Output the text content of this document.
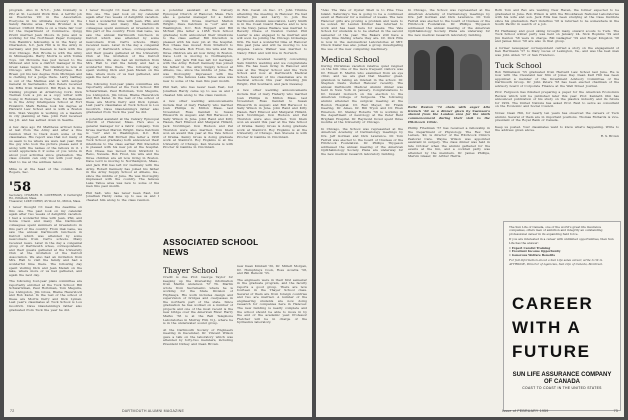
program. Also in N.Y.C., John Donnelly is PIU at St. Leonard Work Mon. A terrific job as Executive V.P. in the Association. Everyone in his ultimate recovery in the Sandy Blevins area. Frank Brunner is in Denver. Clifford Wille is on a trade fair tour for the Department of Commerce. Quigg Pruitt married Jean Moore in June and is working for the Northwest Paper Company. Tom Hamlin's fellowship is in the Navy at Charleston, S.C. Jack Hill is in the Army in Germany and Jim Keenan is back with the 31st Chicago. Bob Brodie is with the Army in Minneapolis. Barry Morris is with Tonka Toys. Gil McGuire has just moved to the Midwest and now a district manager in the Great Lakes region. Jim Gladston is now at Chicago with the Field Enterprises. Bob Breen got his law degree from Michigan and is clerking for a judge there. Larry Gaffney is out of the Marines and is with Aerojet General in Sacramento. Bob Peters received his MBA from Stanford. Bill Ryan is in the training program at Armstrong Cork. Dick Tiernan took a job as a copy writer with Young & Rubicam in New York. Ed Halloran is in the Army Intelligence School at Fort Holabird. Mark Rehme took his degree at Harvard Law School and is with a Boston firm. Stan Vaughn is working on a masters in city planning at Yale. John Feld received his J.D. and has settled down in Seattle.
A few days ago Ed Matthews arrived home at last from the Army and after a fine reunion tried to track down some of his classmates. His report was that not many of us seem to be where we were last year. Will the guy who took the picture please send it along with the names of the fellows in it. I would appreciate it if some of you wrote in about your activities since graduation. The class column can only run with your help. Mail to me at the address below.
Mike is at the head of the column. Ben Rogers, Sec.
'58
Secretary, CHARLES H. GOVERNOR, 9 Cartwright Rd., Pittsfield, Mass.
Treasurer, LUKE CORDY, 45 Wood St., Milton, Mass.
I never thought I'd meet the deadline on this one. The past look on my calendar again after two weeks of delightful vacation. I had a wonderful time with Jean, Phil, and Sonia Cleon and many fine Dartmouth colleagues spent summers at Greensboro in this part of the country. From Oak Lane, we saw the annual Dartmouth luncheon in Detroit which was attended by some newcomers from Carl's schools. Many received news. Later in the day a congenial group of Dartmouth wives, correspondents, and their guests gathered at the University Club at the invitation of the Detroit Association. We also had an invitation from Mrs. Hall to visit the family and had a wonderful time there. The following day spent visiting Dick and Jean Mensh on the lake, where more of us had gathered, and again the next day.
The following four-year plans committee are reportedly enrolled at the Tuck School: Bill Schwartzman, Paul Holtzman, Tom Maguire, Joe Livingston, Jim Gross, Blaine Haverstock and Bob Karel. In the rest of the school of these are Morris Perry and Dick Lyman. Last year's classmates at Tuck School is Lou Goodrich. Dave Glaudenning's father also graduated from Tuck the year he did.
I never thought I'd meet the deadline on this one. The past look on my calendar again after two weeks of delightful vacation. I had a wonderful time with Jean, Phil, and Sonia Cleon and many fine Dartmouth colleagues spent summers at Greensboro in this part of the country. From Oak Lane, we saw the annual Dartmouth luncheon in Detroit which was attended by some newcomers from Carl's schools. Many received news. Later in the day a congenial group of Dartmouth wives, correspondents, and their guests gathered at the University Club at the invitation of the Detroit Association. We also had an invitation from Mrs. Hall to visit the family and had a wonderful time there. The following day spent visiting Dick and Jean Mensh on the lake, where more of us had gathered, and again the next day.
The following four-year plans committee are reportedly enrolled at the Tuck School: Bill Schwartzman, Paul Holtzman, Tom Maguire, Joe Livingston, Jim Gross, Blaine Haverstock and Bob Karel. In the rest of the school of these are Morris Perry and Dick Lyman. Last year's classmates at Tuck School is Lou Goodrich. Dave Glaudenning's father also graduated from Tuck the year he did.
a potential assistant at the Calvary Episcopal Church of Hanover, Mass. He's also a general manager for a fabric company. Tom Kruse married Marion Wright. Dave Ketchum is "out" and in Washington, D.C. Bob Ruppert and Bill McNeil (the latter a 1958 Tuck School graduate) both announced their intentions to the class earlier. Bill Knowlton is pleased with his new job at the hospital. Ron Chase has moved from Stratford to Reno, Nevada. Bob Frost, his wife and the three children are all now living in Boston. Dave Lord is moving to Northampton, Mass., and Jack Hill has left for Germany with the Army. Robert Kennedy has joined his father in the Army Supply School at Athens, Ga., since the middle of June. He was thoroughly impressed with the country. The famous Lake Tahoe area was new to some of the men this past month.
Phil Salt, who has never been East, but Jonathan Hardy came up to see us and I cheated him along to the class reunion.
a potential assistant at the Calvary Episcopal Church of Hanover, Mass. He's also a general manager for a fabric company. Tom Kruse married Marion Wright. Dave Ketchum is "out" and in Washington, D.C. Bob Ruppert and Bill McNeil (the latter a 1958 Tuck School graduate) both announced their intentions to the class earlier. Bill Knowlton is pleased with his new job at the hospital. Ron Chase has moved from Stratford to Reno, Nevada. Bob Frost, his wife and the three children are all now living in Boston. Dave Lord is moving to Northampton, Mass., and Jack Hill has left for Germany with the Army. Robert Kennedy has joined his father in the Army Supply School at Athens, Ga., since the middle of June. He was thoroughly impressed with the country. The famous Lake Tahoe area was new to some of the men this past month.
Phil Salt, who has never been East, but Jonathan Hardy came up to see us and I cheated him along to the class reunion.
A few other wedding announcements include that of Gary Flaherty who married Joan Phillips in Milton Mass. last November; Russ Kendall to Susan Ellsworth in August; and Bill Harwood to Sally Wilson in June. John Rand and Kitty Hazen, Bert Ellwood and Margaret Hillard, Jack Nordlinger, Don Hudson and Pat Thurston were also married. Tom Klein won an award this year at the Yale School of Drama. Kenny Gross is doing graduate work at Stanford. Roy Hopkins is at the University of Chicago. Ken Stevens is with Procter & Gamble in Cincinnati.
in Bob Cavell on Dec. 27. John Trimble attending the meeting in Hanover. He had invited Jim and Larry to join the Dartmouth Alumni Association. Larry Smith is in the Coast Guard Reserve and is now in the Navy. James Wallace was married to Beverly Chase of Newton Center. Phil Lawler is also engaged to be married and will soon be joining the Chicago brokerage firm. He had a wonderful time at Hanover this past June and will be moving to Los Angeles. Lance Walker was married to Nancy Elliot and will live in Norwich.
A picture received recently concerning Sam Smith's wedding and we congratulate him. He has been living in Hanover and was at the Thayer School and the Tuck School and now at Dartmouth Medical School. Several of his classmates are in medical schools this year including Jim Wright, Phil Southard, and Jack Devaney.
A few other wedding announcements include that of Gary Flaherty who married Joan Phillips in Milton Mass. last November; Russ Kendall to Susan Ellsworth in August; and Bill Harwood to Sally Wilson in June. John Rand and Kitty Hazen, Bert Ellwood and Margaret Hillard, Jack Nordlinger, Don Hudson and Pat Thurston were also married. Tom Klein won an award this year at the Yale School of Drama. Kenny Gross is doing graduate work at Stanford. Roy Hopkins is at the University of Chicago. Ken Stevens is with Procter & Gamble in Cincinnati.
ASSOCIATED SCHOOL NEWS
Thayer School
Credit is due Prof. George Taylor for keeping up the interesting information from Martin Anderson '57 Th. Martin wrote from Sacramento where he is working for the State Division of Highways. His work includes design and supervision of bridges and overpasses in the northern part of the state. Since graduation he has worked on a number of projects and one of the most recent is the new bridge over the American River. Harry Marks '56 is at the Bell Telephone Laboratories in Murray Hill, N.J., where he is in the underwater sound group.
At the Dartmouth Society of Engineers meeting in December, Dr. Vincent Wilson gave a talk on the laboratory which was attended by forty-two members, including President Dickey and Dean Brown.
new Dean Kimball '30, Dr. Millett Morgan, Dr. Humphreys Cook, Ross Accetta '58, and Bill Bemont '55.
The engineers were in their first semester in the graduate program, and the faculty reports a good group. There are now fourteen in the Thayer School class. Several of them are from foreign countries and two are married. A number of the engineering students are now doing research for companies here in Hanover. The new building is nearly complete and the school should be able to move in by the end of the academic year. Professor Fletcher will be in charge of the hydraulics laboratory.
72	DARTMOUTH ALUMNI MAGAZINE
*Also The Vale of Oyster Shell is to Pine Tree Island. Saturday's Tea is going to be a continued event at Hanover for a number of weeks. The new Hanover girls are proving a problem and were to be solved. Dr. Lauren Kintner has returned to work and has been here for weeks. The Vale School for students is to be started in the second semester of the year. The Bakers still have a tough time finding where they are. Dr. Dick Ellis is now in the Aeronautical Laboratories at MIT. Chuck Kiefer has also joined a group investigating the use of the new computing machinery.
Medical School
During Christmas vacation relative quiet reigned on the hill. One of the more frequent visitors was Dr. Ernest E. Martin who examined from an eye clinic, and we are glad that Stearns' great-grandson is taking an interest in the school. Dr. Stephen Davis visited Hanover recently. The annual Dartmouth Medical Alumni dinner was held in New York in January. Congratulations to Dr. Donald Gorsuch on his election to the American College of Surgeons. The following alumni attended the surgical meeting at the Boston Hospital: Dr. Bud Meyer, Dr. Frank Deering, Dr. Ames, Dr. Bill Tryon and Dr. Eben Emerson. Dr. Stanley Roberts '56 is working in the department of neurology at the Peter Bent Brigham Hospital. Dr. Raymond Dowd spent three months at the University of Chicago.
In Chicago, the School was represented at the American Academy of Dermatology meetings by Drs. Jeff Gorman and Dick Lawrence. Dr. Tom Farrell was elected to the board of trustees of the Hitchcock Foundation. Dr. Phillips Thygeson addressed the annual meeting of the American Ophthalmology Society. Plans are underway for the new medical research laboratory building.
In Chicago, the School was represented at the American Academy of Dermatology meetings by Drs. Jeff Gorman and Dick Lawrence. Dr. Tom Farrell was elected to the board of trustees of the Hitchcock Foundation. Dr. Phillips Thygeson addressed the annual meeting of the American Ophthalmology Society. Plans are underway for the new medical research laboratory building.
Bette Reston '74 chats with eager Alta Kreisch '60 as a dinner given by Swenson's alumni from the London area for the ninth commencement during their visit to the Hitchcock Clinic.
Phillip Friedman '57 has received a fellowship in the Department of Physiology. The Rev. Ted Larsen, '40, is director of the Hitchcock Clinic's Pastoral Care. Wayne Wilson was appointed assistant in surgery. The class dinner was held in late October when the alumni gathered for the events at the Inn, and a cocktail party was attended by the members. Dr. James Phillips, Marvin Glaser, Dr. Arthur Harris.
Both Tom and Bev are wanting New Haven, the former expected to be graduated in June. Bob Wilson is with the Brookhaven National Laboratories with his wife and son. Jack Ellis has been studying at the Case Institute since his graduation. Bert Osterhus '58 is returned to be somewhere in the South Pacific in search of a job.
Ed Hathaway and good skiing brought many onward scouts to Tuck. The Tuck School winter party was held on January 24. Nick Hopkins '59 and Jim Denton '58 were in charge. Bill Gallagher '59 and Roger Kingston '58 and James Knox '58 are also in that group.
A former newspaper correspondent carried a story on the engagement of Ken Herrmann '57 to Mary Lucas of Lexington, Va., and was the best man was John Alden '57 of San Francisco.
Tuck School
Bob Williamson '55 graduated from Harvard Law School last June. He is now with the Cleveland law firm of Jones Day. Dean Karl Hill has been appointed a member of the Investment Advisory Committee of the Dartmouth Group. Dr. John Peters '58 has been elected chairman of the advisory board of Corporate Finance at the Wall Street Journal.
Prof. Ferguson has finished preparing a paper for the American Economics Review which will be published later this year. Prof. Kenneth Olm has announced publication of his study on the plastics industry and its future for 1959. The United Nations has asked Prof. Reid to serve as consultant on the Economic and Social Council.
Notes: Dean Hill, for nearly ten years has observed the careers of Tuck alumni. Several of them are in important positions. Thomas Richards is vice-president of the Royal Bank of Canada.
Keep us posted. Your classmates want to know what's happening. Write to the address given above.
R. S. Brown
The Sun Life of Canada, one of the world's great life insurance companies, offers men of ambition and integrity an outstanding professional career in its expanding field force.
If you are interested in a career with unlimited opportunities, then Sun Life has the answer:
• Expert Careful Training
• Excellent Income Opportunity
• Generous Welfare Benefits
For full information about a Sun Life sales career, write to W. G. ATTRIDGE, Director of Agencies, Sun Life of Canada, Montreal.
CAREER
WITH A
FUTURE
SUN LIFE ASSURANCE COMPANY OF CANADA
COAST TO COAST IN THE UNITED STATES
Issue of FEBRUARY 1959	73
